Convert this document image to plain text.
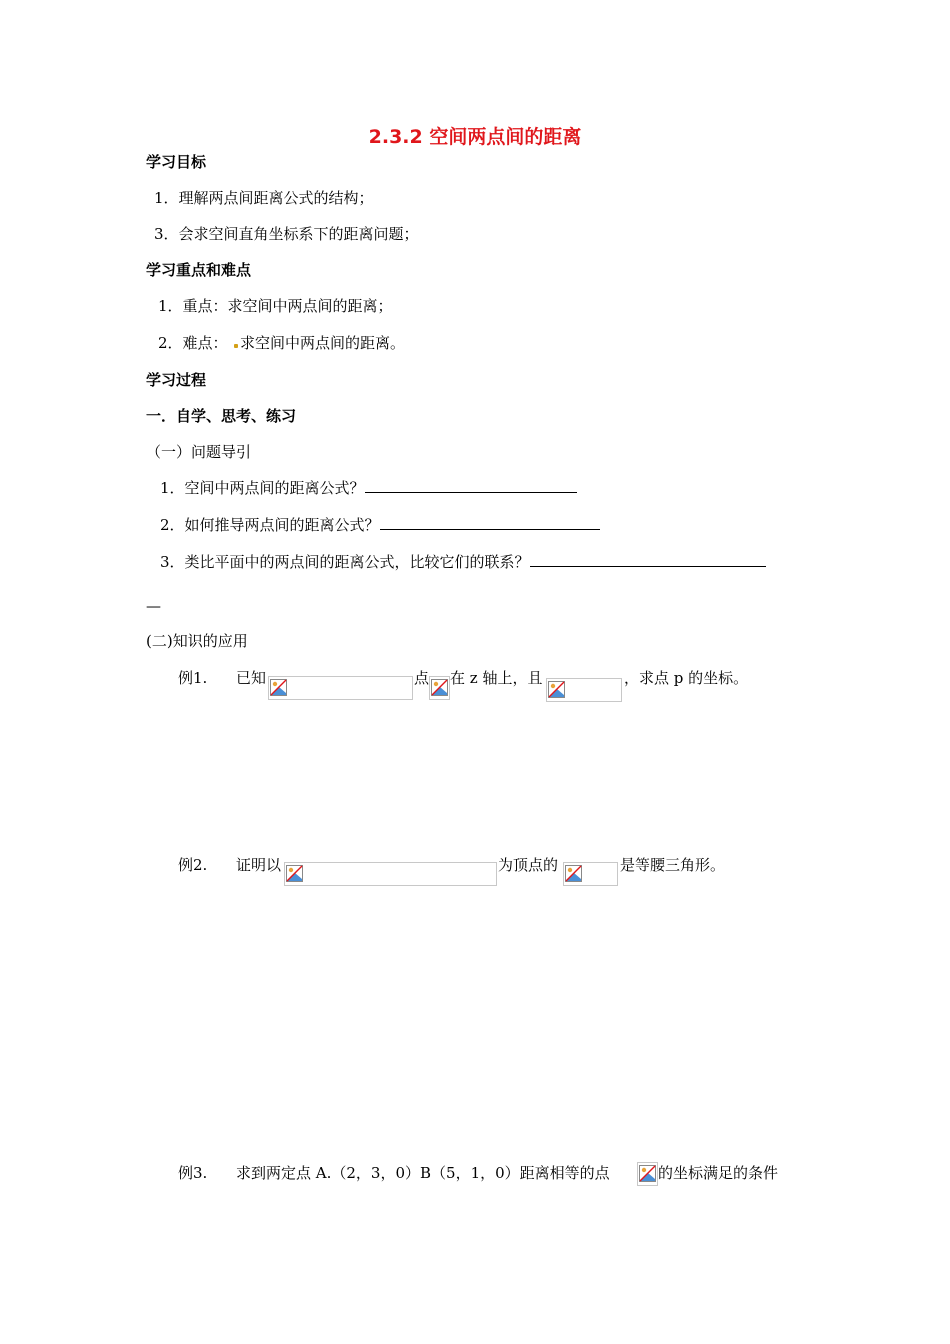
2.3.2 空间两点间的距离
学习目标
1．理解两点间距离公式的结构；
3．会求空间直角坐标系下的距离问题；
学习重点和难点
1．重点：求空间中两点间的距离；
2．难点： 求空间中两点间的距离。
学习过程
一．自学、思考、练习
（一）问题导引
1．空间中两点间的距离公式？
2．如何推导两点间的距离公式？
3．类比平面中的两点间的距离公式，比较它们的联系？
—
(二)知识的应用
例1. 已知	点 在 z 轴上，且	，求点 p 的坐标。
例2. 证明以	为顶点的	是等腰三角形。
例3. 求到两定点 A.（2，3，0）B（5，1，0）距离相等的点	的坐标满足的条件
